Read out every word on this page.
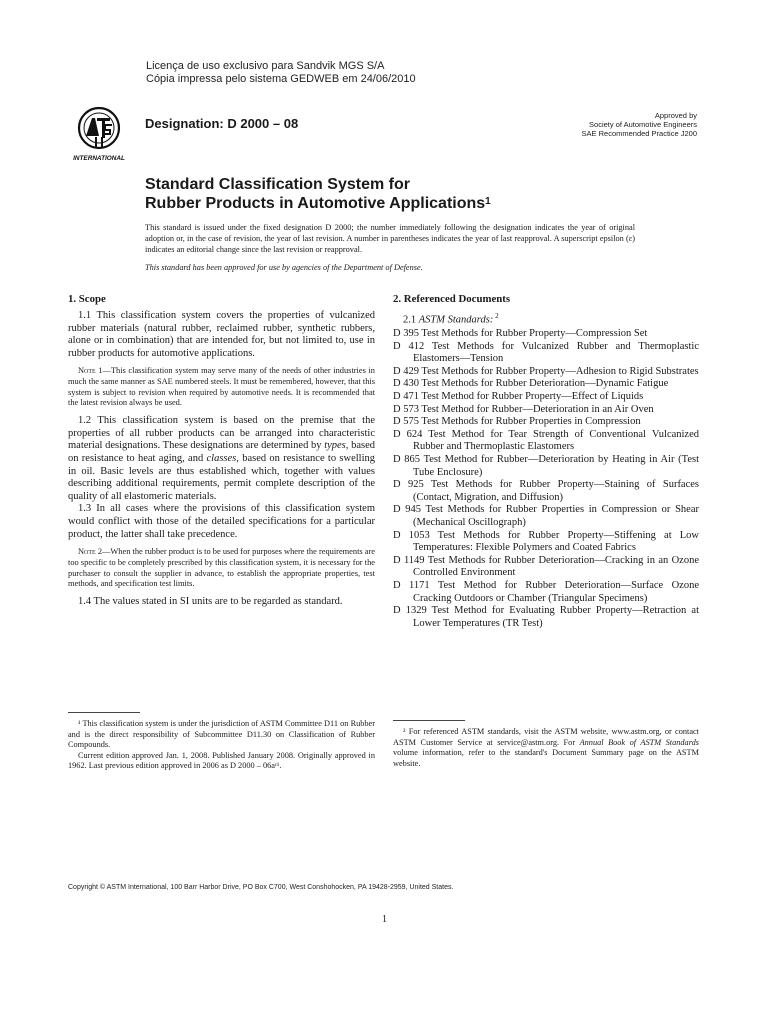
Licença de uso exclusivo para Sandvik MGS S/A
Cópia impressa pelo sistema GEDWEB em 24/06/2010
INTERNATIONAL
Designation: D 2000 – 08
Approved by
Society of Automotive Engineers
SAE Recommended Practice J200
Standard Classification System for
Rubber Products in Automotive Applications$^1$
This standard is issued under the fixed designation D 2000; the number immediately following the designation indicates the year of original adoption or, in the case of revision, the year of last revision. A number in parentheses indicates the year of last reapproval. A superscript epsilon (ε) indicates an editorial change since the last revision or reapproval.
This standard has been approved for use by agencies of the Department of Defense.
1. Scope

1.1 This classification system covers the properties of vulcanized rubber materials (natural rubber, reclaimed rubber, synthetic rubbers, alone or in combination) that are intended for, but not limited to, use in rubber products for automotive applications.

Note 1—This classification system may serve many of the needs of other industries in much the same manner as SAE numbered steels. It must be remembered, however, that this system is subject to revision when required by automotive needs. It is recommended that the latest revision always be used.

1.2 This classification system is based on the premise that the properties of all rubber products can be arranged into characteristic material designations. These designations are determined by types, based on resistance to heat aging, and classes, based on resistance to swelling in oil. Basic levels are thus established which, together with values describing additional requirements, permit complete description of the quality of all elastomeric materials.

1.3 In all cases where the provisions of this classification system would conflict with those of the detailed specifications for a particular product, the latter shall take precedence.

Note 2—When the rubber product is to be used for purposes where the requirements are too specific to be completely prescribed by this classification system, it is necessary for the purchaser to consult the supplier in advance, to establish the appropriate properties, test methods, and specification test limits.

1.4 The values stated in SI units are to be regarded as standard.

2. Referenced Documents
2.1 ASTM Standards: $^2$

D 395 Test Methods for Rubber Property—Compression Set

D 412 Test Methods for Vulcanized Rubber and Thermoplastic Elastomers—Tension

D 429 Test Methods for Rubber Property—Adhesion to Rigid Substrates

D 430 Test Methods for Rubber Deterioration—Dynamic Fatigue

D 471 Test Method for Rubber Property—Effect of Liquids

D 573 Test Method for Rubber—Deterioration in an Air Oven

D 575 Test Methods for Rubber Properties in Compression

D 624 Test Method for Tear Strength of Conventional Vulcanized Rubber and Thermoplastic Elastomers

D 865 Test Method for Rubber—Deterioration by Heating in Air (Test Tube Enclosure)

D 925 Test Methods for Rubber Property—Staining of Surfaces (Contact, Migration, and Diffusion)

D 945 Test Methods for Rubber Properties in Compression or Shear (Mechanical Oscillograph)

D 1053 Test Methods for Rubber Property—Stiffening at Low Temperatures: Flexible Polymers and Coated Fabrics

D 1149 Test Methods for Rubber Deterioration—Cracking in an Ozone Controlled Environment

D 1171 Test Method for Rubber Deterioration—Surface Ozone Cracking Outdoors or Chamber (Triangular Specimens)

D 1329 Test Method for Evaluating Rubber Property—Retraction at Lower Temperatures (TR Test)

¹ This classification system is under the jurisdiction of ASTM Committee D11 on Rubber and is the direct responsibility of Subcommittee D11.30 on Classification of Rubber Compounds.

Current edition approved Jan. 1, 2008. Published January 2008. Originally approved in 1962. Last previous edition approved in 2006 as D 2000 – 06aᵋ¹.

² For referenced ASTM standards, visit the ASTM website, www.astm.org, or contact ASTM Customer Service at service@astm.org. For Annual Book of ASTM Standards volume information, refer to the standard's Document Summary page on the ASTM website.

Copyright © ASTM International, 100 Barr Harbor Drive, PO Box C700, West Conshohocken, PA 19428-2959, United States.
1
